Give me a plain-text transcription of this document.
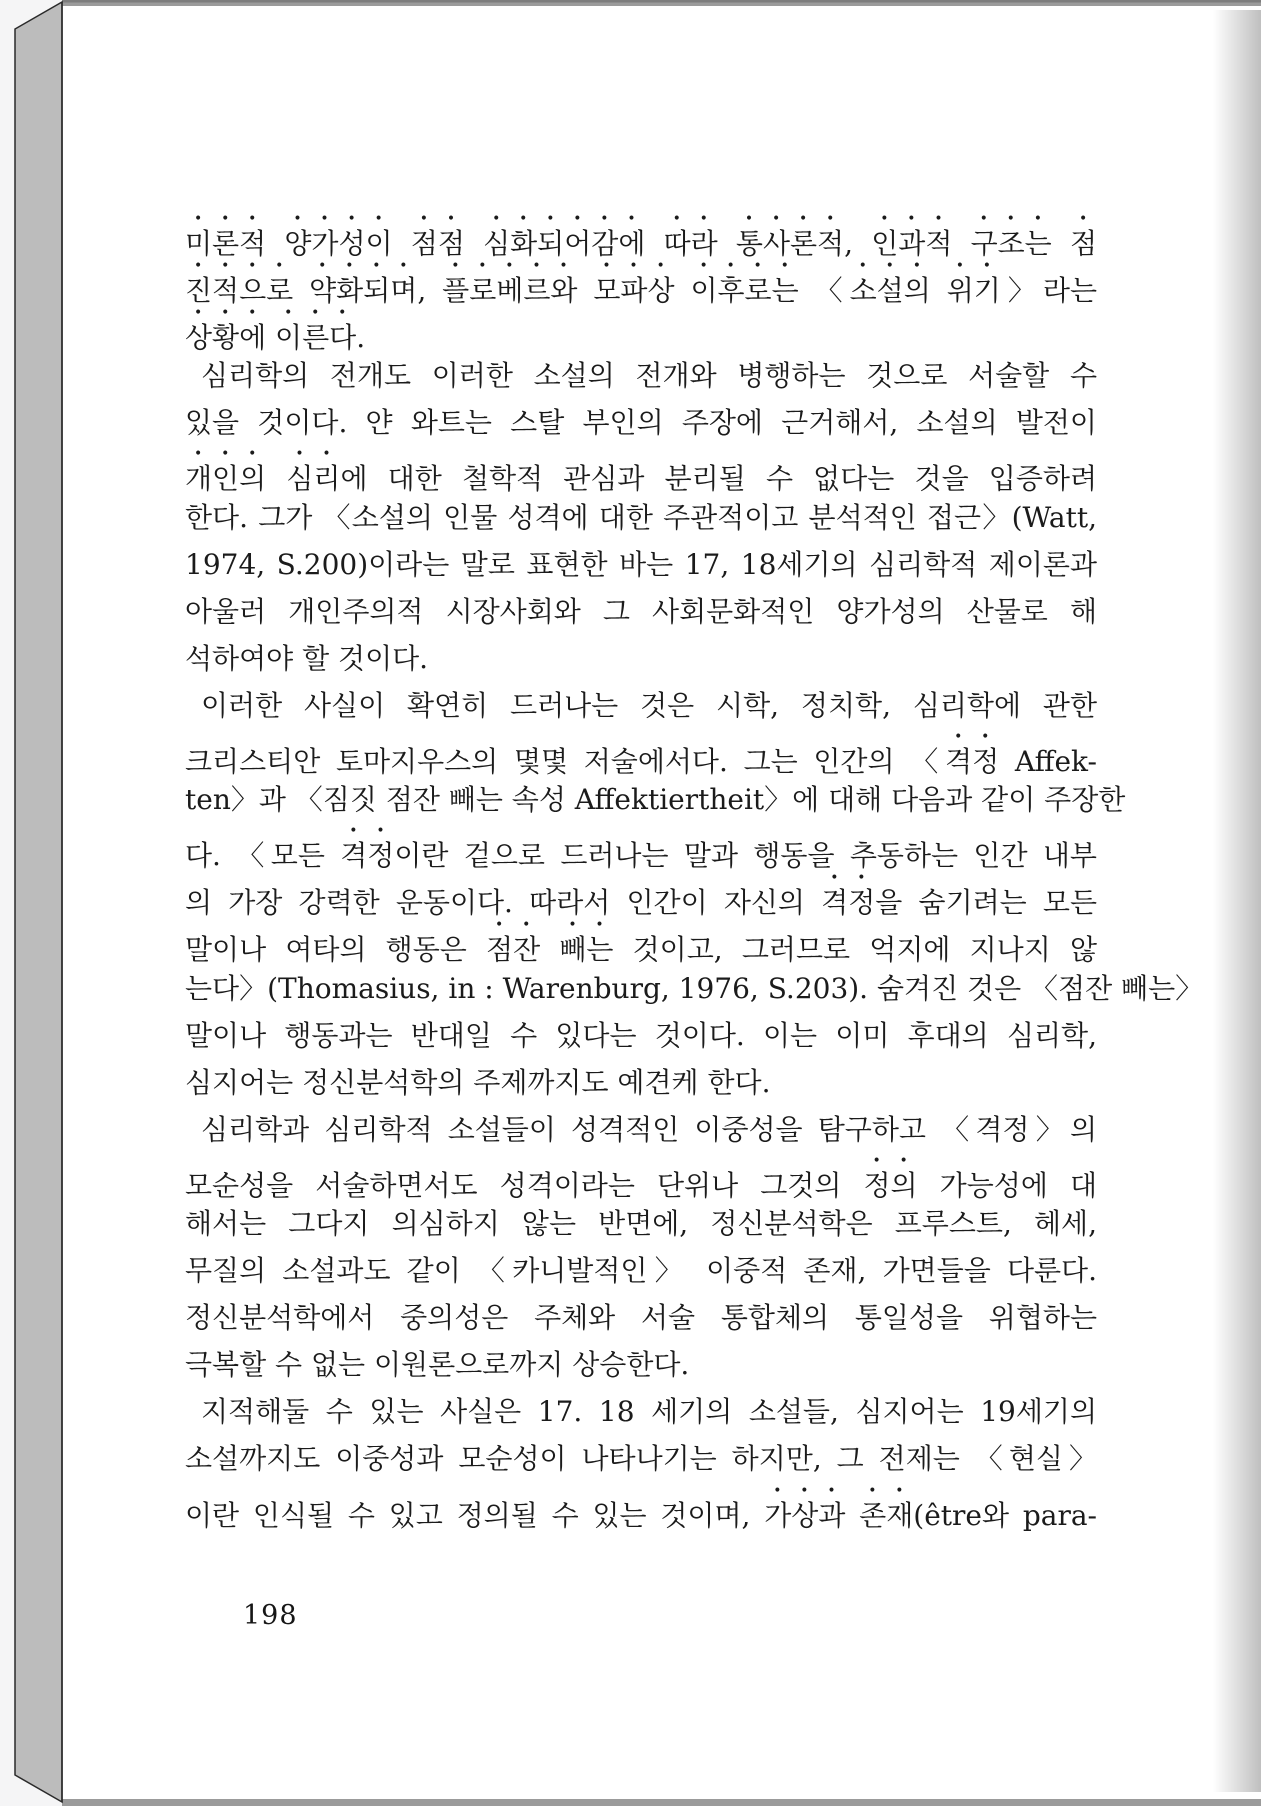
미론적 양가성이 점점 심화되어감에 따라 통사론적, 인과적 구조는 점
진적으로 약화되며, 플로베르와 모파상 이후로는 〈소설의 위기〉라는
상황에 이른다.
심리학의 전개도 이러한 소설의 전개와 병행하는 것으로 서술할 수
있을 것이다. 얀 와트는 스탈 부인의 주장에 근거해서, 소설의 발전이
개인의 심리에 대한 철학적 관심과 분리될 수 없다는 것을 입증하려
한다. 그가 〈소설의 인물 성격에 대한 주관적이고 분석적인 접근〉(Watt,
1974, S.200)이라는 말로 표현한 바는 17, 18세기의 심리학적 제이론과
아울러 개인주의적 시장사회와 그 사회문화적인 양가성의 산물로 해
석하여야 할 것이다.
이러한 사실이 확연히 드러나는 것은 시학, 정치학, 심리학에 관한
크리스티안 토마지우스의 몇몇 저술에서다. 그는 인간의 〈격정 Affek-
ten〉과 〈짐짓 점잔 빼는 속성 Affektiertheit〉에 대해 다음과 같이 주장한
다. 〈모든 격정이란 겉으로 드러나는 말과 행동을 추동하는 인간 내부
의 가장 강력한 운동이다. 따라서 인간이 자신의 격정을 숨기려는 모든
말이나 여타의 행동은 점잔 빼는 것이고, 그러므로 억지에 지나지 않
는다〉(Thomasius, in : Warenburg, 1976, S.203). 숨겨진 것은 〈점잔 빼는〉
말이나 행동과는 반대일 수 있다는 것이다. 이는 이미 후대의 심리학,
심지어는 정신분석학의 주제까지도 예견케 한다.
심리학과 심리학적 소설들이 성격적인 이중성을 탐구하고 〈격정〉의
모순성을 서술하면서도 성격이라는 단위나 그것의 정의 가능성에 대
해서는 그다지 의심하지 않는 반면에, 정신분석학은 프루스트, 헤세,
무질의 소설과도 같이 〈카니발적인〉 이중적 존재, 가면들을 다룬다.
정신분석학에서 중의성은 주체와 서술 통합체의 통일성을 위협하는
극복할 수 없는 이원론으로까지 상승한다.
지적해둘 수 있는 사실은 17. 18 세기의 소설들, 심지어는 19세기의
소설까지도 이중성과 모순성이 나타나기는 하지만, 그 전제는 〈현실〉
이란 인식될 수 있고 정의될 수 있는 것이며, 가상과 존재(être와 para-
198
